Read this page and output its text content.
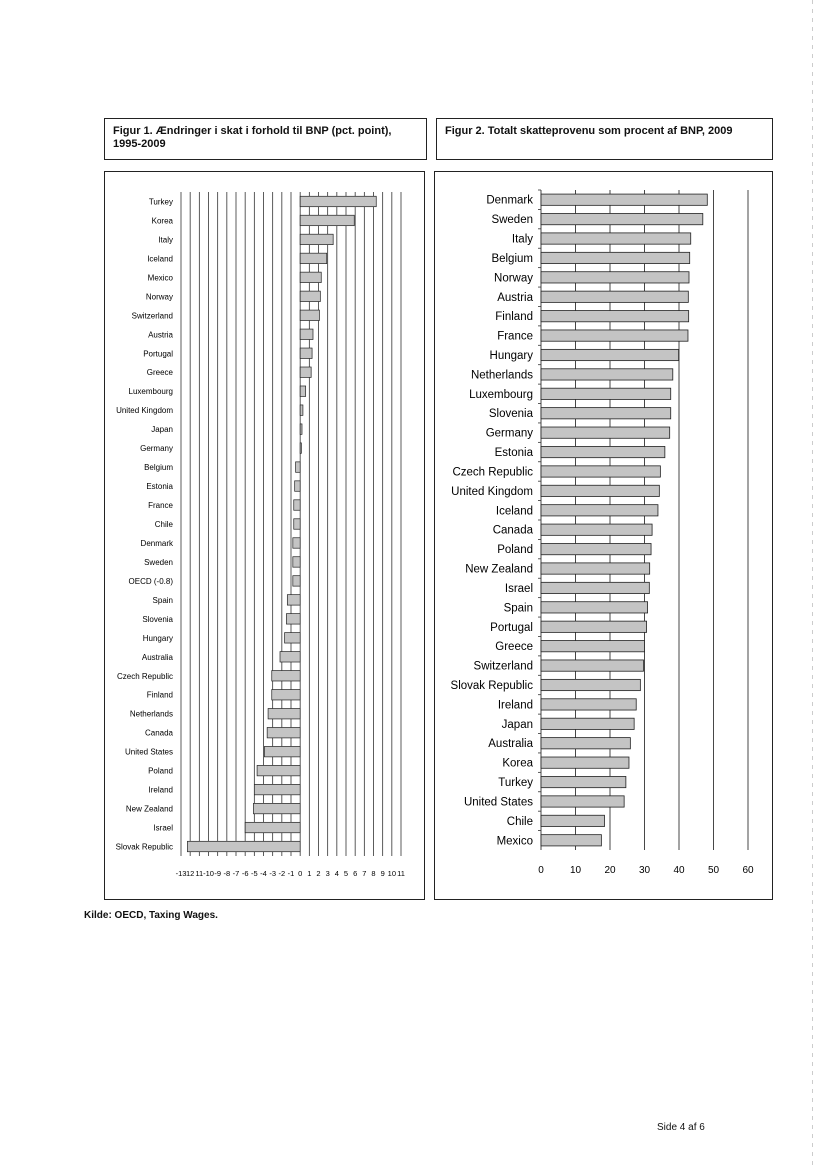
Figur 1. Ændringer i skat i forhold til BNP (pct. point), 1995-2009
Figur 2. Totalt skatteprovenu som procent af BNP, 2009
-13 12 11 -10 -9 -8 -7 -6 -5 -4 -3 -2 -1 0 1 2 3 4 5 6 7 8 9 10 11
Turkey
Korea
Italy
Iceland
Mexico
Norway
Switzerland
Austria
Portugal
Greece
Luxembourg
United Kingdom
Japan
Germany
Belgium
Estonia
France
Chile
Denmark
Sweden
OECD (-0.8)
Spain
Slovenia
Hungary
Australia
Czech Republic
Finland
Netherlands
Canada
United States
Poland
Ireland
New Zealand
Israel
Slovak Republic
0	10 20 30 40 50 60
Denmark
Sweden
Italy
Belgium
Norway
Austria
Finland
France
Hungary
Netherlands
Luxembourg
Slovenia
Germany
Estonia
Czech Republic
United Kingdom
Iceland
Canada
Poland
New Zealand
Israel
Spain
Portugal
Greece
Switzerland
Slovak Republic
Ireland
Japan
Australia
Korea
Turkey
United States
Chile
Mexico
Kilde: OECD, Taxing Wages.
Side 4 af 6
